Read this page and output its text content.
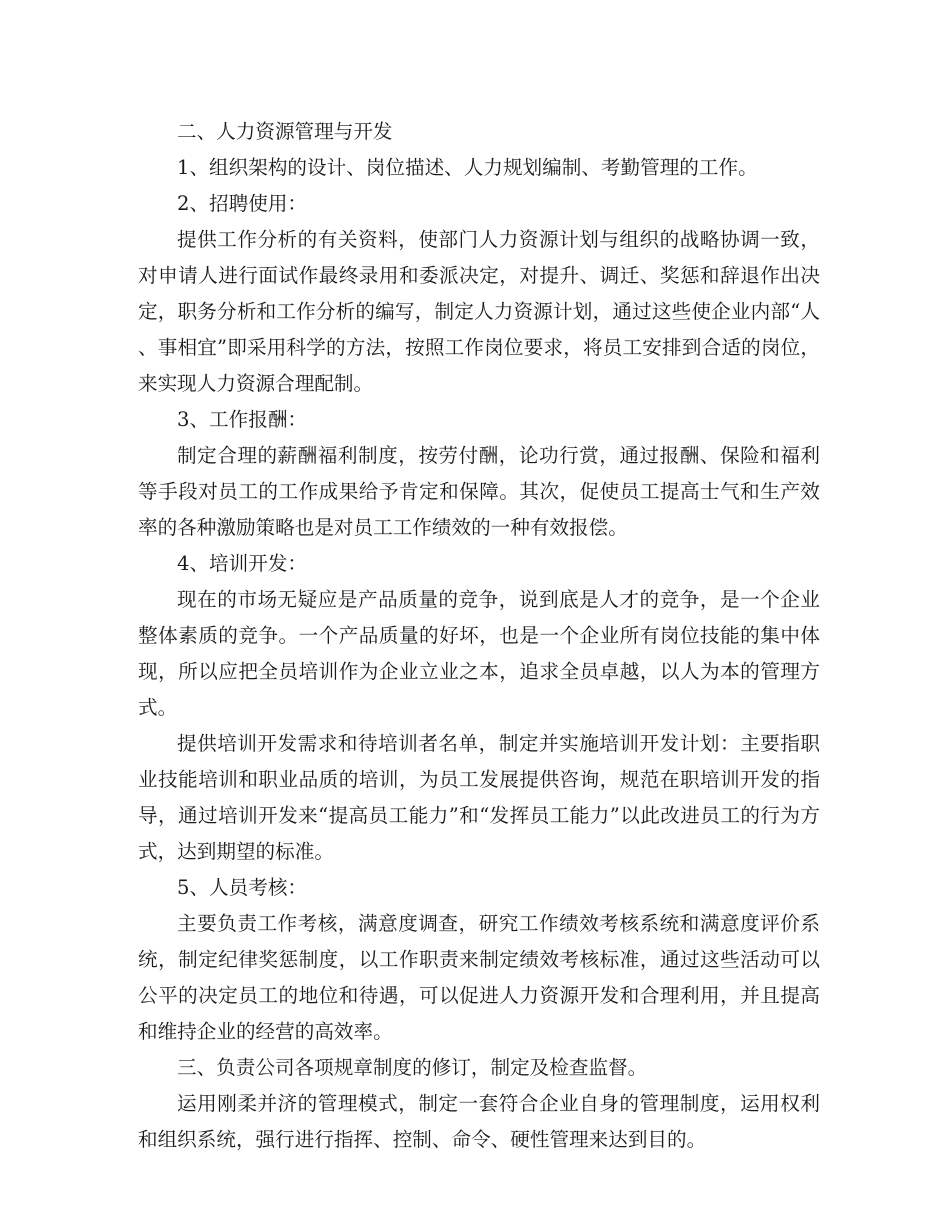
二、人力资源管理与开发

1、组织架构的设计、岗位描述、人力规划编制、考勤管理的工作。

2、招聘使用：

提供工作分析的有关资料，使部门人力资源计划与组织的战略协调一致，对申请人进行面试作最终录用和委派决定，对提升、调迁、奖惩和辞退作出决定，职务分析和工作分析的编写，制定人力资源计划，通过这些使企业内部“人、事相宜”即采用科学的方法，按照工作岗位要求，将员工安排到合适的岗位，来实现人力资源合理配制。

3、工作报酬：

制定合理的薪酬福利制度，按劳付酬，论功行赏，通过报酬、保险和福利等手段对员工的工作成果给予肯定和保障。其次，促使员工提高士气和生产效率的各种激励策略也是对员工工作绩效的一种有效报偿。

4、培训开发：

现在的市场无疑应是产品质量的竞争，说到底是人才的竞争，是一个企业整体素质的竞争。一个产品质量的好坏，也是一个企业所有岗位技能的集中体现，所以应把全员培训作为企业立业之本，追求全员卓越，以人为本的管理方式。

提供培训开发需求和待培训者名单，制定并实施培训开发计划：主要指职业技能培训和职业品质的培训，为员工发展提供咨询，规范在职培训开发的指导，通过培训开发来“提高员工能力”和“发挥员工能力”以此改进员工的行为方式，达到期望的标准。

5、人员考核：

主要负责工作考核，满意度调查，研究工作绩效考核系统和满意度评价系统，制定纪律奖惩制度，以工作职责来制定绩效考核标准，通过这些活动可以公平的决定员工的地位和待遇，可以促进人力资源开发和合理利用，并且提高和维持企业的经营的高效率。

三、负责公司各项规章制度的修订，制定及检查监督。

运用刚柔并济的管理模式，制定一套符合企业自身的管理制度，运用权利和组织系统，强行进行指挥、控制、命令、硬性管理来达到目的。
